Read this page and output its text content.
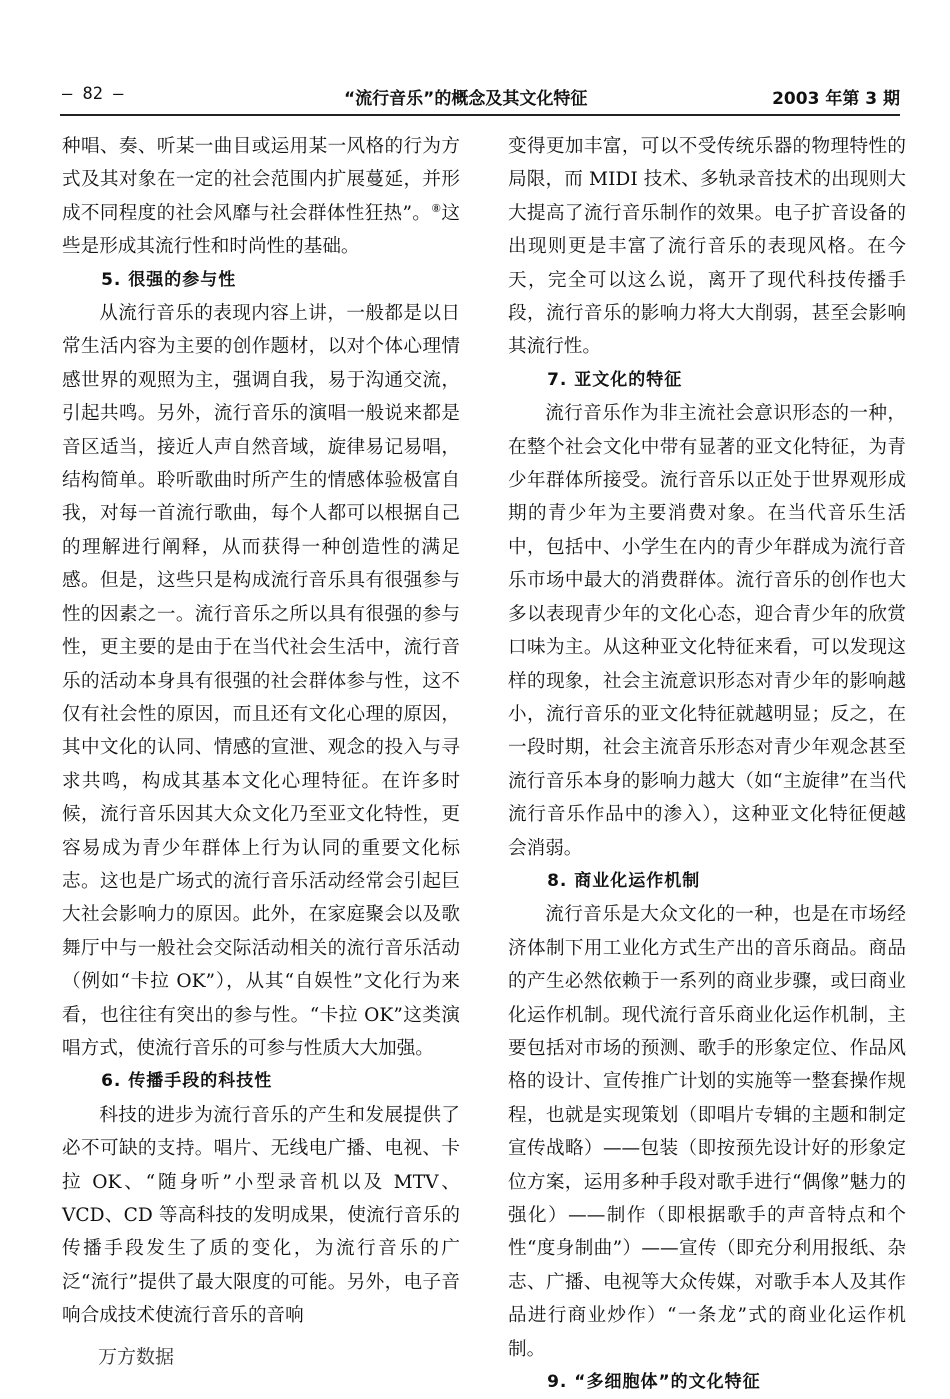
— 82 —	“流行音乐”的概念及其文化特征	2003 年第 3 期

种唱、奏、听某一曲目或运用某一风格的行为方式及其对象在一定的社会范围内扩展蔓延，并形成不同程度的社会风靡与社会群体性狂热”。⑧这些是形成其流行性和时尚性的基础。

5. 很强的参与性

从流行音乐的表现内容上讲，一般都是以日常生活内容为主要的创作题材，以对个体心理情感世界的观照为主，强调自我，易于沟通交流，引起共鸣。另外，流行音乐的演唱一般说来都是音区适当，接近人声自然音域，旋律易记易唱，结构简单。聆听歌曲时所产生的情感体验极富自我，对每一首流行歌曲，每个人都可以根据自己的理解进行阐释，从而获得一种创造性的满足感。但是，这些只是构成流行音乐具有很强参与性的因素之一。流行音乐之所以具有很强的参与性，更主要的是由于在当代社会生活中，流行音乐的活动本身具有很强的社会群体参与性，这不仅有社会性的原因，而且还有文化心理的原因，其中文化的认同、情感的宣泄、观念的投入与寻求共鸣，构成其基本文化心理特征。在许多时候，流行音乐因其大众文化乃至亚文化特性，更容易成为青少年群体上行为认同的重要文化标志。这也是广场式的流行音乐活动经常会引起巨大社会影响力的原因。此外，在家庭聚会以及歌舞厅中与一般社会交际活动相关的流行音乐活动（例如“卡拉 OK”），从其“自娱性”文化行为来看，也往往有突出的参与性。“卡拉 OK”这类演唱方式，使流行音乐的可参与性质大大加强。

6. 传播手段的科技性

科技的进步为流行音乐的产生和发展提供了必不可缺的支持。唱片、无线电广播、电视、卡拉 OK、“随身听”小型录音机以及 MTV、VCD、CD 等高科技的发明成果，使流行音乐的传播手段发生了质的变化，为流行音乐的广泛“流行”提供了最大限度的可能。另外，电子音响合成技术使流行音乐的音响

变得更加丰富，可以不受传统乐器的物理特性的局限，而 MIDI 技术、多轨录音技术的出现则大大提高了流行音乐制作的效果。电子扩音设备的出现则更是丰富了流行音乐的表现风格。在今天，完全可以这么说，离开了现代科技传播手段，流行音乐的影响力将大大削弱，甚至会影响其流行性。

7. 亚文化的特征

流行音乐作为非主流社会意识形态的一种，在整个社会文化中带有显著的亚文化特征，为青少年群体所接受。流行音乐以正处于世界观形成期的青少年为主要消费对象。在当代音乐生活中，包括中、小学生在内的青少年群成为流行音乐市场中最大的消费群体。流行音乐的创作也大多以表现青少年的文化心态，迎合青少年的欣赏口味为主。从这种亚文化特征来看，可以发现这样的现象，社会主流意识形态对青少年的影响越小，流行音乐的亚文化特征就越明显；反之，在一段时期，社会主流音乐形态对青少年观念甚至流行音乐本身的影响力越大（如“主旋律”在当代流行音乐作品中的渗入），这种亚文化特征便越会消弱。

8. 商业化运作机制

流行音乐是大众文化的一种，也是在市场经济体制下用工业化方式生产出的音乐商品。商品的产生必然依赖于一系列的商业步骤，或曰商业化运作机制。现代流行音乐商业化运作机制，主要包括对市场的预测、歌手的形象定位、作品风格的设计、宣传推广计划的实施等一整套操作规程，也就是实现策划（即唱片专辑的主题和制定宣传战略）——包装（即按预先设计好的形象定位方案，运用多种手段对歌手进行“偶像”魅力的强化）——制作（即根据歌手的声音特点和个性“度身制曲”）——宣传（即充分利用报纸、杂志、广播、电视等大众传媒，对歌手本人及其作品进行商业炒作）“一条龙”式的商业化运作机制。

9. “多细胞体”的文化特征

万方数据
